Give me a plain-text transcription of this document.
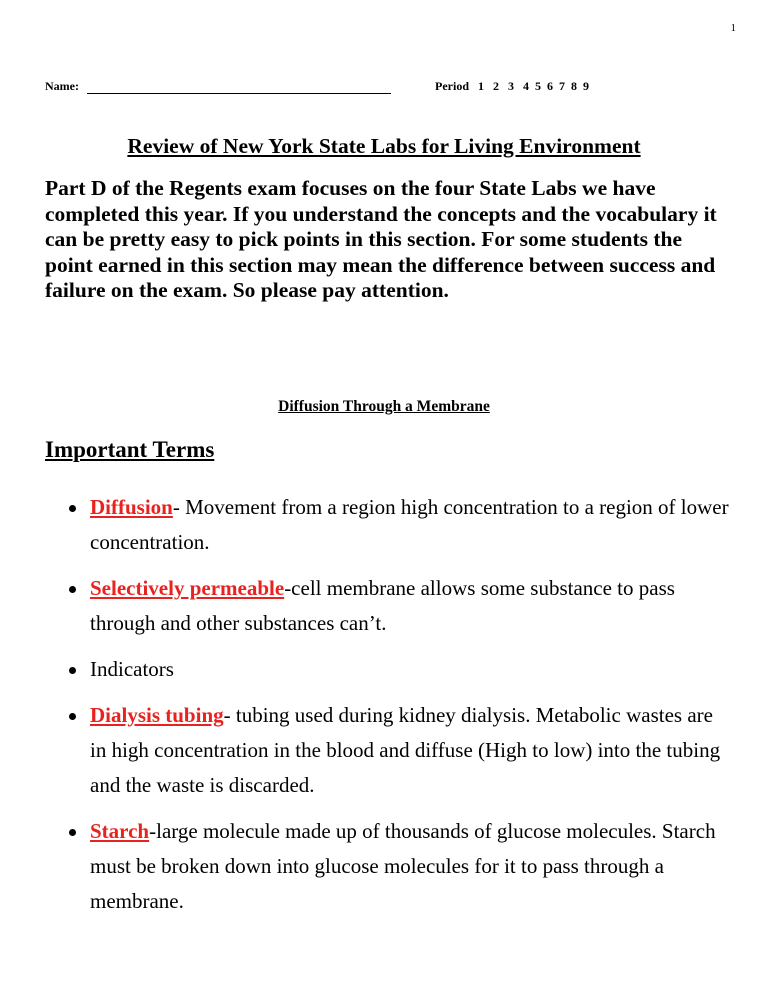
1
Name:	Period   1   2   3   4  5  6  7  8  9
Review of New York State Labs for Living Environment

Part D of the Regents exam focuses on the four State Labs we have completed this year. If you understand the concepts and the vocabulary it can be pretty easy to pick points in this section. For some students the point earned in this section may mean the difference between success and failure on the exam. So please pay attention.

Diffusion Through a Membrane
Important Terms
Diffusion- Movement from a region high concentration to a region of lower concentration.
Selectively permeable-cell membrane allows some substance to pass through and other substances can’t.
Indicators
Dialysis tubing- tubing used during kidney dialysis. Metabolic wastes are in high concentration in the blood and diffuse (High to low) into the tubing and the waste is discarded.
Starch-large molecule made up of thousands of glucose molecules. Starch must be broken down into glucose molecules for it to pass through a membrane.
